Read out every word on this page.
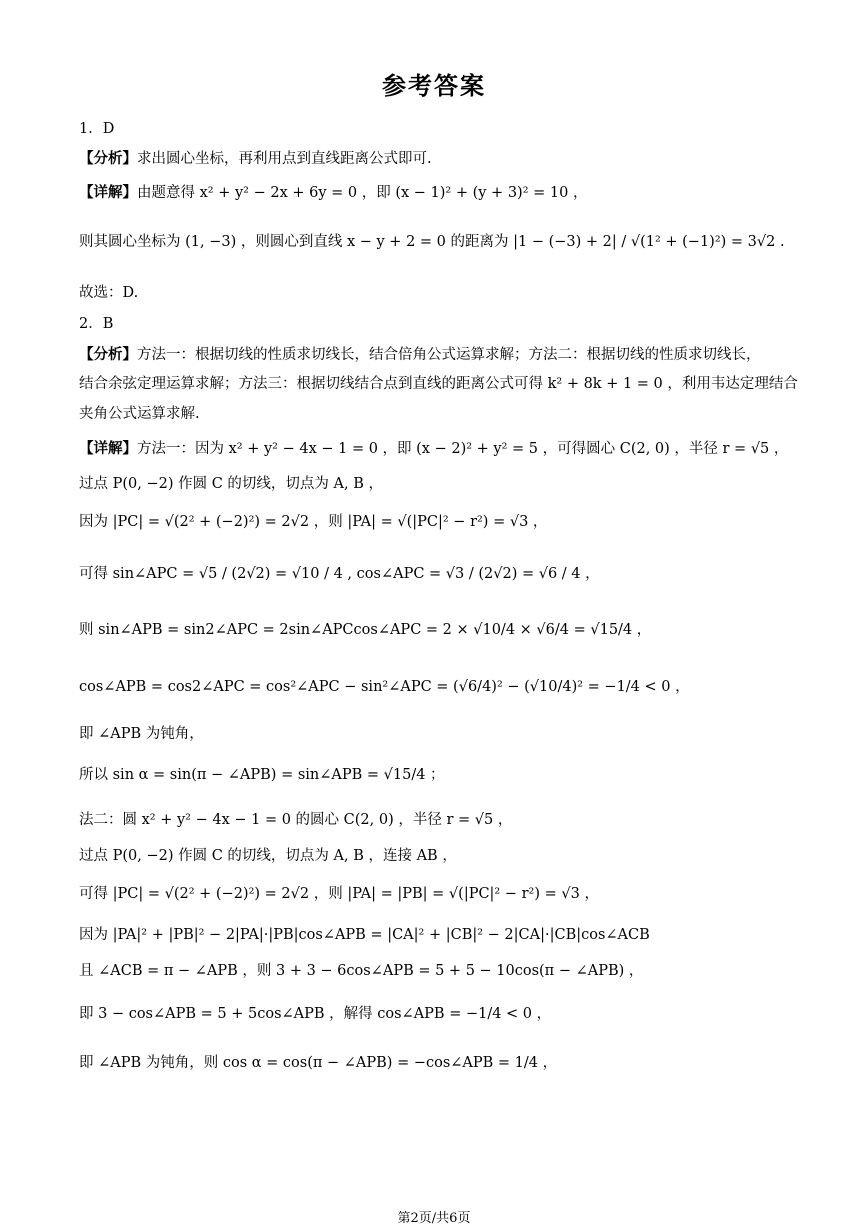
参考答案
1．D
【分析】求出圆心坐标，再利用点到直线距离公式即可.
【详解】由题意得 x² + y² − 2x + 6y = 0 ，即 (x − 1)² + (y + 3)² = 10 ，
则其圆心坐标为 (1, −3) ，则圆心到直线 x − y + 2 = 0 的距离为 |1 − (−3) + 2| / √(1² + (−1)²) = 3√2 .
故选：D.
2．B
【分析】方法一：根据切线的性质求切线长，结合倍角公式运算求解；方法二：根据切线的性质求切线长，
结合余弦定理运算求解；方法三：根据切线结合点到直线的距离公式可得 k² + 8k + 1 = 0 ，利用韦达定理结合
夹角公式运算求解.
【详解】方法一：因为 x² + y² − 4x − 1 = 0 ，即 (x − 2)² + y² = 5 ，可得圆心 C(2, 0) ，半径 r = √5 ，
过点 P(0, −2) 作圆 C 的切线，切点为 A, B ，
因为 |PC| = √(2² + (−2)²) = 2√2 ，则 |PA| = √(|PC|² − r²) = √3 ，
可得 sin∠APC = √5 / (2√2) = √10 / 4 , cos∠APC = √3 / (2√2) = √6 / 4 ，
则 sin∠APB = sin2∠APC = 2sin∠APCcos∠APC = 2 × √10/4 × √6/4 = √15/4 ，
cos∠APB = cos2∠APC = cos²∠APC − sin²∠APC = (√6/4)² − (√10/4)² = −1/4 < 0 ，
即 ∠APB 为钝角，
所以 sin α = sin(π − ∠APB) = sin∠APB = √15/4 ；
法二：圆 x² + y² − 4x − 1 = 0 的圆心 C(2, 0) ，半径 r = √5 ，
过点 P(0, −2) 作圆 C 的切线，切点为 A, B ，连接 AB ，
可得 |PC| = √(2² + (−2)²) = 2√2 ，则 |PA| = |PB| = √(|PC|² − r²) = √3 ，
因为 |PA|² + |PB|² − 2|PA|·|PB|cos∠APB = |CA|² + |CB|² − 2|CA|·|CB|cos∠ACB
且 ∠ACB = π − ∠APB ，则 3 + 3 − 6cos∠APB = 5 + 5 − 10cos(π − ∠APB) ，
即 3 − cos∠APB = 5 + 5cos∠APB ，解得 cos∠APB = −1/4 < 0 ，
即 ∠APB 为钝角，则 cos α = cos(π − ∠APB) = −cos∠APB = 1/4 ，
第2页/共6页
